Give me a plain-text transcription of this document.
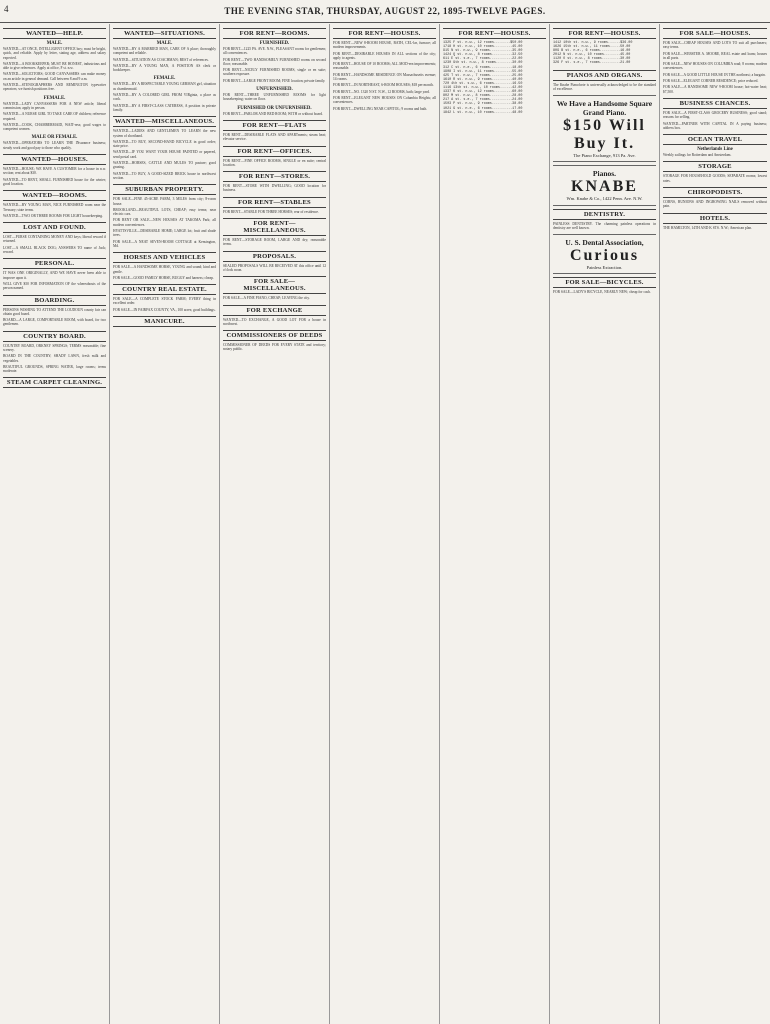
4	THE EVENING STAR, THURSDAY, AUGUST 22, 1895-TWELVE PAGES.
WANTED—HELP.
MALE.
WANTED—AT ONCE, INTELLIGENT OFFICE boy; must be bright, quick, and reliable. Apply by letter, stating age, address and salary expected.
WANTED—A BOOKKEEPER; MUST BE HONEST, industrious and able to give references. Apply at office, F st. n.w.
WANTED—SOLICITORS; GOOD CANVASSERS can make money on an article in general demand. Call between 8 and 9 a.m.
WANTED—STENOGRAPHERS AND REMINGTON typewriter operators; we furnish positions free.
FEMALE.
WANTED—LADY CANVASSERS FOR A NEW article; liberal commission; apply in person.
WANTED—A NURSE GIRL TO TAKE CARE OF children; reference required.
WANTED—COOK, CHAMBERMAID, WAIT-ress; good wages to competent women.
MALE OR FEMALE.
WANTED—OPERATORS TO LEARN THE INsurance business; steady work and good pay to those who qualify.
WANTED—HOUSES.
WANTED—HOUSE; WE HAVE A CUSTOMER for a house in n.w. section; rent about $30.
WANTED—TO RENT, SMALL FURNISHED house for the winter; good location.
WANTED—ROOMS.
WANTED—BY YOUNG MAN, NICE FURNISHED room near the Treasury; state terms.
WANTED—TWO OR THREE ROOMS FOR LIGHT housekeeping.
LOST AND FOUND.
LOST—PURSE CONTAINING MONEY AND keys; liberal reward if returned.
LOST—A SMALL BLACK DOG; ANSWERS TO name of Jack; reward.
PERSONAL.
IT WAS ONE ORIGINALLY, AND WE HAVE never been able to improve upon it.
WILL GIVE $50 FOR INFORMATION OF the whereabouts of the person named.
BOARDING.
PERSONS WISHING TO ATTEND THE LOUDOUN county fair can obtain good board.
BOARD—A LARGE, COMFORTABLE ROOM, with board, for two gentlemen.
COUNTRY BOARD.
COUNTRY BOARD, ORKNEY SPRINGS; TERMS reasonable; fine scenery.
BOARD IN THE COUNTRY; SHADY LAWN, fresh milk and vegetables.
BEAUTIFUL GROUNDS, SPRING WATER, large rooms; terms moderate.
STEAM CARPET CLEANING.
WANTED—SITUATIONS.
MALE.
WANTED—BY A MARRIED MAN, CARE OF A place; thoroughly competent and reliable.
WANTED—SITUATION AS COACHMAN; BEST of references.
WANTED—BY A YOUNG MAN, A POSITION AS clerk or bookkeeper.
FEMALE.
WANTED—BY A RESPECTABLE YOUNG GERMAN girl, situation as chambermaid.
WANTED—BY A COLORED GIRL FROM VIRginia, a place as cook.
WANTED—BY A FIRST-CLASS CATERESS, A position in private family.
WANTED—MISCELLANEOUS.
WANTED—LADIES AND GENTLEMEN TO LEARN the new system of shorthand.
WANTED—TO BUY, SECOND-HAND BICYCLE in good order; state price.
WANTED—IF YOU WANT YOUR HOUSE PAINTED or papered, send postal card.
WANTED—HORSES, CATTLE AND MULES TO pasture; good grazing.
WANTED—TO BUY, A GOOD-SIZED BRICK house in northwest section.
SUBURBAN PROPERTY.
FOR SALE—FINE 45-ACRE FARM, 3 MILES from city; 8-room house.
BROOKLAND—BEAUTIFUL LOTS, CHEAP; easy terms; near electric cars.
FOR RENT OR SALE—NEW HOUSES AT TAKOMA Park; all modern conveniences.
HYATTSVILLE—DESIRABLE HOME; LARGE lot; fruit and shade trees.
FOR SALE—A NEAT SEVEN-ROOM COTTAGE at Kensington, Md.
HORSES AND VEHICLES
FOR SALE—A HANDSOME HORSE, YOUNG and sound; kind and gentle.
FOR SALE—GOOD FAMILY HORSE, BUGGY and harness; cheap.
COUNTRY REAL ESTATE.
FOR SALE—A COMPLETE STOCK FARM; EVERY thing in excellent order.
FOR SALE—IN FAIRFAX COUNTY, VA., 100 acres; good buildings.
MANICURE.
FOR RENT—ROOMS.
FURNISHED.
FOR RENT—1225 PA. AVE. N.W., PLEASANT rooms for gentlemen; all conveniences.
FOR RENT—TWO HANDSOMELY FURNISHED rooms on second floor; reasonable.
FOR RENT—NICELY FURNISHED ROOMS, single or en suite; southern exposure.
FOR RENT—LARGE FRONT ROOM; FINE location; private family.
UNFURNISHED.
FOR RENT—THREE UNFURNISHED ROOMS for light housekeeping; water on floor.
FURNISHED OR UNFURNISHED.
FOR RENT—PARLOR AND BED ROOM; WITH or without board.
FOR RENT—FLATS
FOR RENT—DESIRABLE FLATS AND APARTments; steam heat; elevator service.
FOR RENT—OFFICES.
FOR RENT—FINE OFFICE ROOMS, SINGLE or en suite; central location.
FOR RENT—STORES.
FOR RENT—STORE WITH DWELLING; GOOD location for business.
FOR RENT—STABLES
FOR RENT—STABLE FOR THREE HORSES; rear of residence.
FOR RENT—MISCELLANEOUS.
FOR RENT—STORAGE ROOM, LARGE AND dry; reasonable terms.
PROPOSALS.
SEALED PROPOSALS WILL BE RECEIVED AT this office until 12 o'clock noon.
FOR SALE—MISCELLANEOUS.
FOR SALE—A FINE PIANO, CHEAP; LEAVING the city.
FOR EXCHANGE
WANTED—TO EXCHANGE, A GOOD LOT FOR a house in northwest.
COMMISSIONERS OF DEEDS
COMMISSIONER OF DEEDS FOR EVERY STATE and territory; notary public.
FOR RENT—HOUSES.
FOR RENT—NEW 8-ROOM HOUSE, BATH, CEL-lar, furnace; all modern improvements.
FOR RENT—DESIRABLE HOUSES IN ALL sections of the city; apply to agents.
FOR RENT—HOUSE OF 10 ROOMS; ALL MOD-ern improvements; reasonable.
FOR RENT—HANDSOME RESIDENCE ON Massachusetts avenue; 14 rooms.
FOR RENT—IN NORTHEAST, 6-ROOM HOUSES; $18 per month.
FOR RENT—NO. 1320 N ST. N.W., 12 ROOMS, bath; large yard.
FOR RENT—ELEGANT NEW HOUSES ON Columbia Heights; all conveniences.
FOR RENT—DWELLING NEAR CAPITOL; 9 rooms and bath.
FOR RENT—HOUSES.
1325 F st. n.w., 12 rooms........$50.00
1718 H st. n.w., 10 rooms.........45.00
915 N st. n.w., 9 rooms...........35.00
1424 Q st. n.w., 8 rooms..........32.50
611 E st. s.e., 7 rooms...........22.00
1230 9th st. n.w., 8 rooms........30.00
312 C st. n.e., 6 rooms...........18.00
1908 I st. n.w., 11 rooms.........55.00
425 T st. n.w., 7 rooms...........25.00
1610 R st. n.w., 9 rooms..........40.00
720 4th st. s.w., 6 rooms.........16.50
1116 13th st. n.w., 10 rooms......42.00
1337 K st. n.w., 12 rooms.........60.00
802 M st. n.w., 8 rooms...........28.00
217 A st. s.e., 7 rooms...........24.00
1503 P st. n.w., 9 rooms..........38.00
1021 G st. n.e., 6 rooms..........17.00
1842 L st. n.w., 10 rooms.........48.00
FOR RENT—HOUSES.
1412 10th st. n.w., 9 rooms......$36.00
1626 15th st. n.w., 11 rooms.....50.00
809 B st. n.e., 6 rooms..........16.00
2012 N st. n.w., 10 rooms........45.00
1120 O st. n.w., 8 rooms.........30.00
326 F st. s.e., 7 rooms..........21.00
PIANOS AND ORGANS.
The Knabe Pianoforte is universally acknowledged to be the standard of excellence.
We Have a Handsome Square Grand Piano.
$150 Will Buy It.
The Piano Exchange, 913 Pa. Ave.
Pianos.
KNABE
Wm. Knabe & Co., 1422 Penn. Ave. N.W.
DENTISTRY.
PAINLESS DENTISTRY. The charming painless operations in dentistry are well known.
U. S. Dental Association,
Curious
Painless Extraction.
FOR SALE—BICYCLES.
FOR SALE—LADY'S BICYCLE, NEARLY NEW; cheap for cash.
FOR SALE—HOUSES.
FOR SALE—CHEAP HOUSES AND LOTS TO suit all purchasers; easy terms.
FOR SALE—WEBSTER A. MOORE, REAL estate and loans; houses in all parts.
FOR SALE—NEW HOUSES ON COLUMBIA road; 8 rooms; modern conveniences.
FOR SALE—A GOOD LITTLE HOUSE IN THE northeast; a bargain.
FOR SALE—ELEGANT CORNER RESIDENCE; price reduced.
FOR SALE—A HANDSOME NEW 9-ROOM house; hot-water heat; $7,500.
BUSINESS CHANCES.
FOR SALE—A FIRST-CLASS GROCERY BUSINESS; good stand; reasons for selling.
WANTED—PARTNER WITH CAPITAL IN A paying business; address box.
OCEAN TRAVEL
Netherlands Line
Weekly sailings for Rotterdam and Amsterdam.
STORAGE
STORAGE FOR HOUSEHOLD GOODS; SEPARATE rooms; lowest rates.
CHIROPODISTS.
CORNS, BUNIONS AND INGROWING NAILS removed without pain.
HOTELS.
THE HAMILTON, 14TH AND K STS. N.W.; American plan.
